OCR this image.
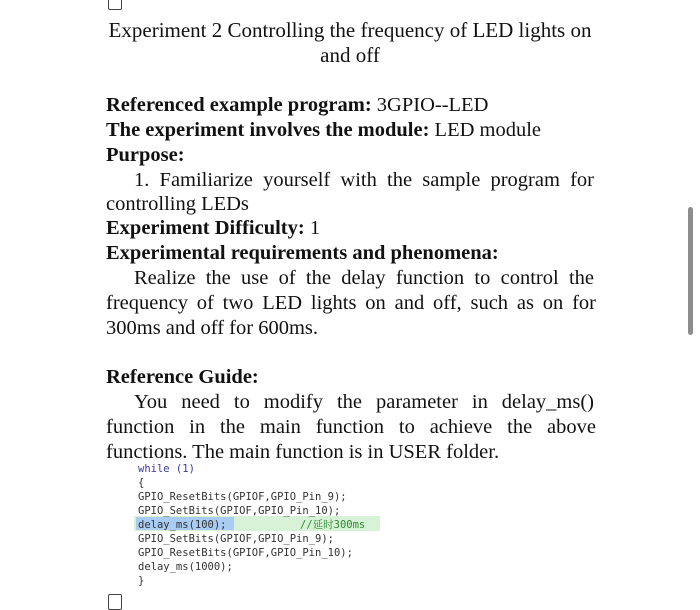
Experiment 2 Controlling the frequency of LED lights on
and off
Referenced example program: 3GPIO--LED
The experiment involves the module: LED module
Purpose:
1. Familiarize yourself with the sample program for
controlling LEDs
Experiment Difficulty: 1
Experimental requirements and phenomena:
Realize the use of the delay function to control the
frequency of two LED lights on and off, such as on for
300ms and off for 600ms.
Reference Guide:
You need to modify the parameter in delay_ms()
function in the main function to achieve the above
functions. The main function is in USER folder.
while (1)
{
GPIO_ResetBits(GPIOF,GPIO_Pin_9);
GPIO_SetBits(GPIOF,GPIO_Pin_10);
delay_ms(100);	//延时300ms
GPIO_SetBits(GPIOF,GPIO_Pin_9);
GPIO_ResetBits(GPIOF,GPIO_Pin_10);
delay_ms(1000);
}
